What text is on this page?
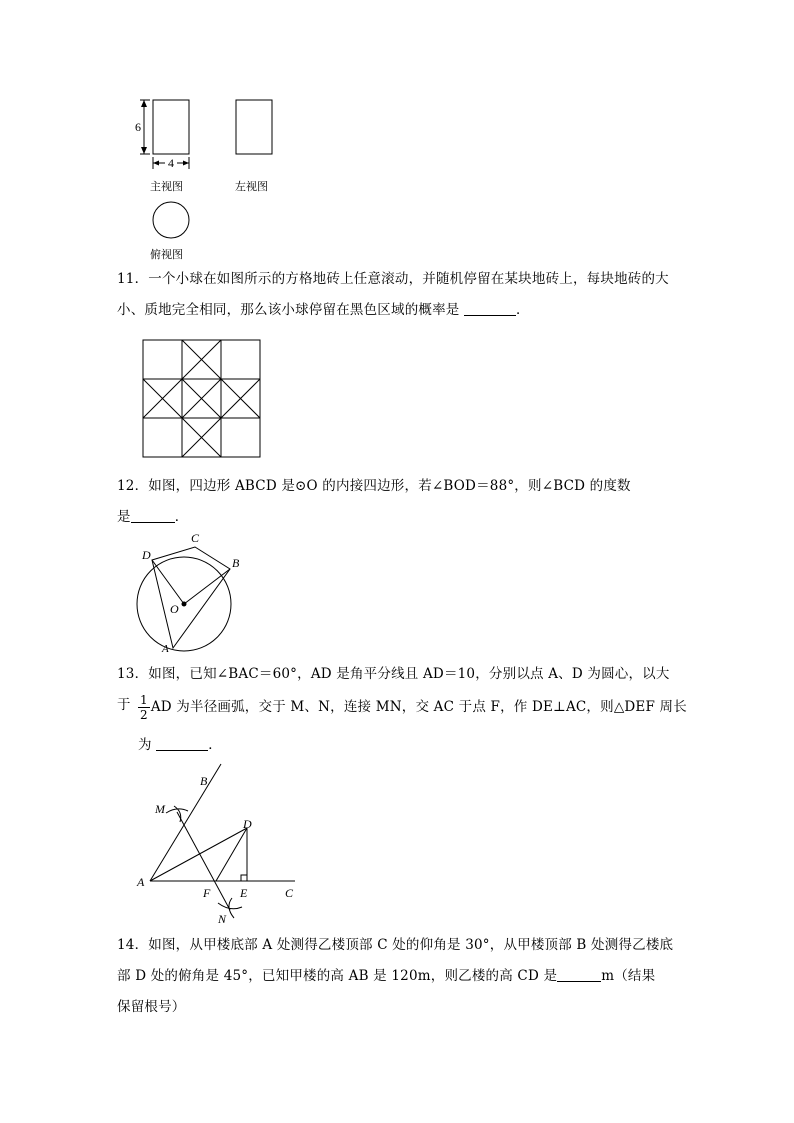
6
4
主视图	左视图
俯视图
11．一个小球在如图所示的方格地砖上任意滚动，并随机停留在某块地砖上，每块地砖的大小、质地完全相同，那么该小球停留在黑色区域的概率是	．
12．如图，四边形 ABCD 是⊙O 的内接四边形，若∠BOD＝88°，则∠BCD 的度数
是	．
D
C
B
O
A
13．如图，已知∠BAC＝60°，AD 是角平分线且 AD＝10，分别以点 A、D 为圆心，以大于 $\frac{1}{2}$ AD 为半径画弧，交于 M、N，连接 MN，交 AC 于点 F，作 DE⊥AC，则△DEF 周长
为	．
B
M
D
A
F E	C
N
14．如图，从甲楼底部 A 处测得乙楼顶部 C 处的仰角是 30°，从甲楼顶部 B 处测得乙楼底
部 D 处的俯角是 45°，已知甲楼的高 AB 是 120m，则乙楼的高 CD 是	m（结果
保留根号）
